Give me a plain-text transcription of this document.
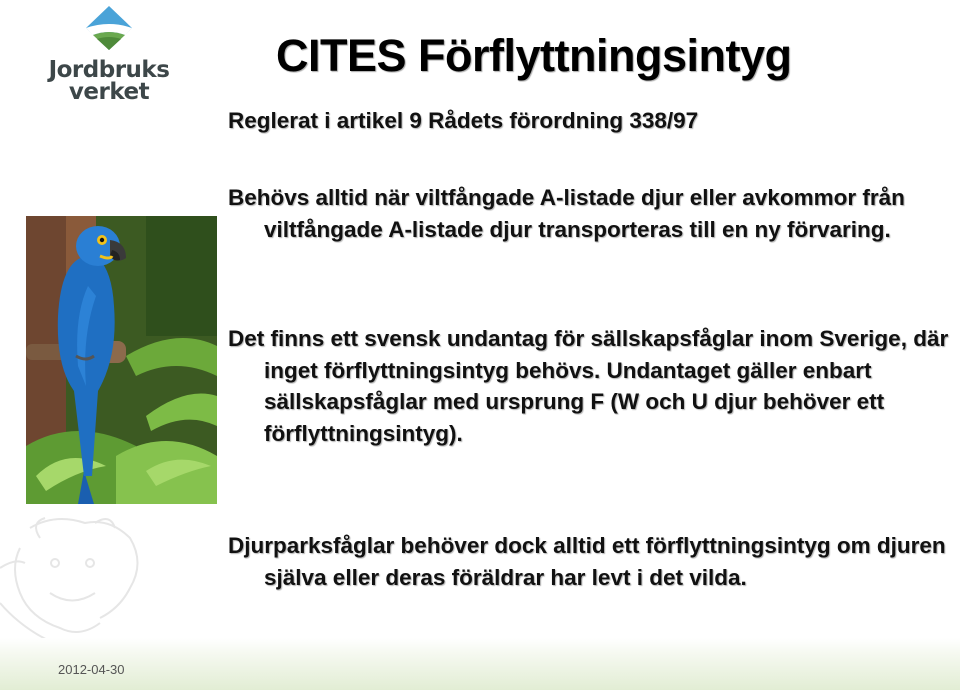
Jordbruks
verket
CITES Förflyttningsintyg
Reglerat i artikel 9 Rådets förordning 338/97

Behövs alltid när viltfångade A-listade djur eller avkommor från viltfångade A-listade djur transporteras till en ny förvaring.

Det finns ett svensk undantag för sällskapsfåglar inom Sverige, där inget förflyttningsintyg behövs. Undantaget gäller enbart sällskapsfåglar med ursprung F (W och U djur behöver ett förflyttningsintyg).

Djurparksfåglar behöver dock alltid ett förflyttningsintyg om djuren själva eller deras föräldrar har levt i det vilda.

2012-04-30
